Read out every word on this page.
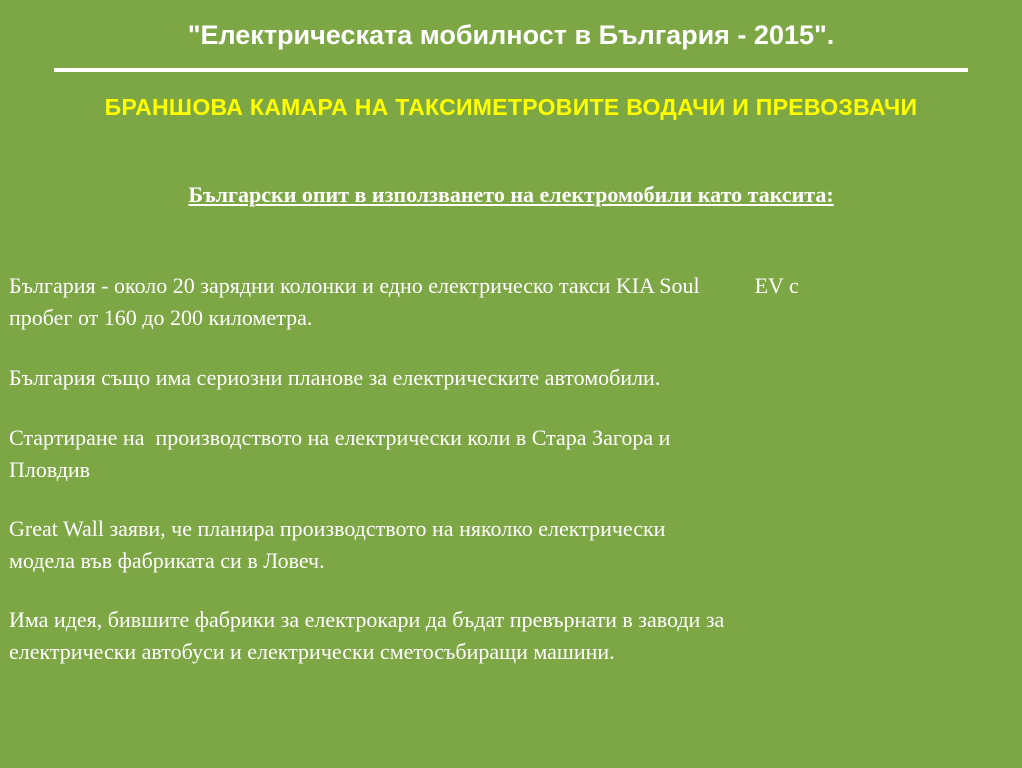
"Електрическата мобилност в България - 2015".
БРАНШОВА КАМАРА НА ТАКСИМЕТРОВИТЕ ВОДАЧИ И ПРЕВОЗВАЧИ
Български опит в използването на електромобили като таксита:
България - около 20 зарядни колонки и едно електрическо такси KIA Soul          EV с
пробег от 160 до 200 километра.
България също има сериозни планове за електрическите автомобили.
Стартиране на  производството на електрически коли в Стара Загора и
Пловдив
Great Wall заяви, че планира производството на няколко електрически
модела във фабриката си в Ловеч.
Има идея, бившите фабрики за електрокари да бъдат превърнати в заводи за
електрически автобуси и електрически сметосъбиращи машини.
